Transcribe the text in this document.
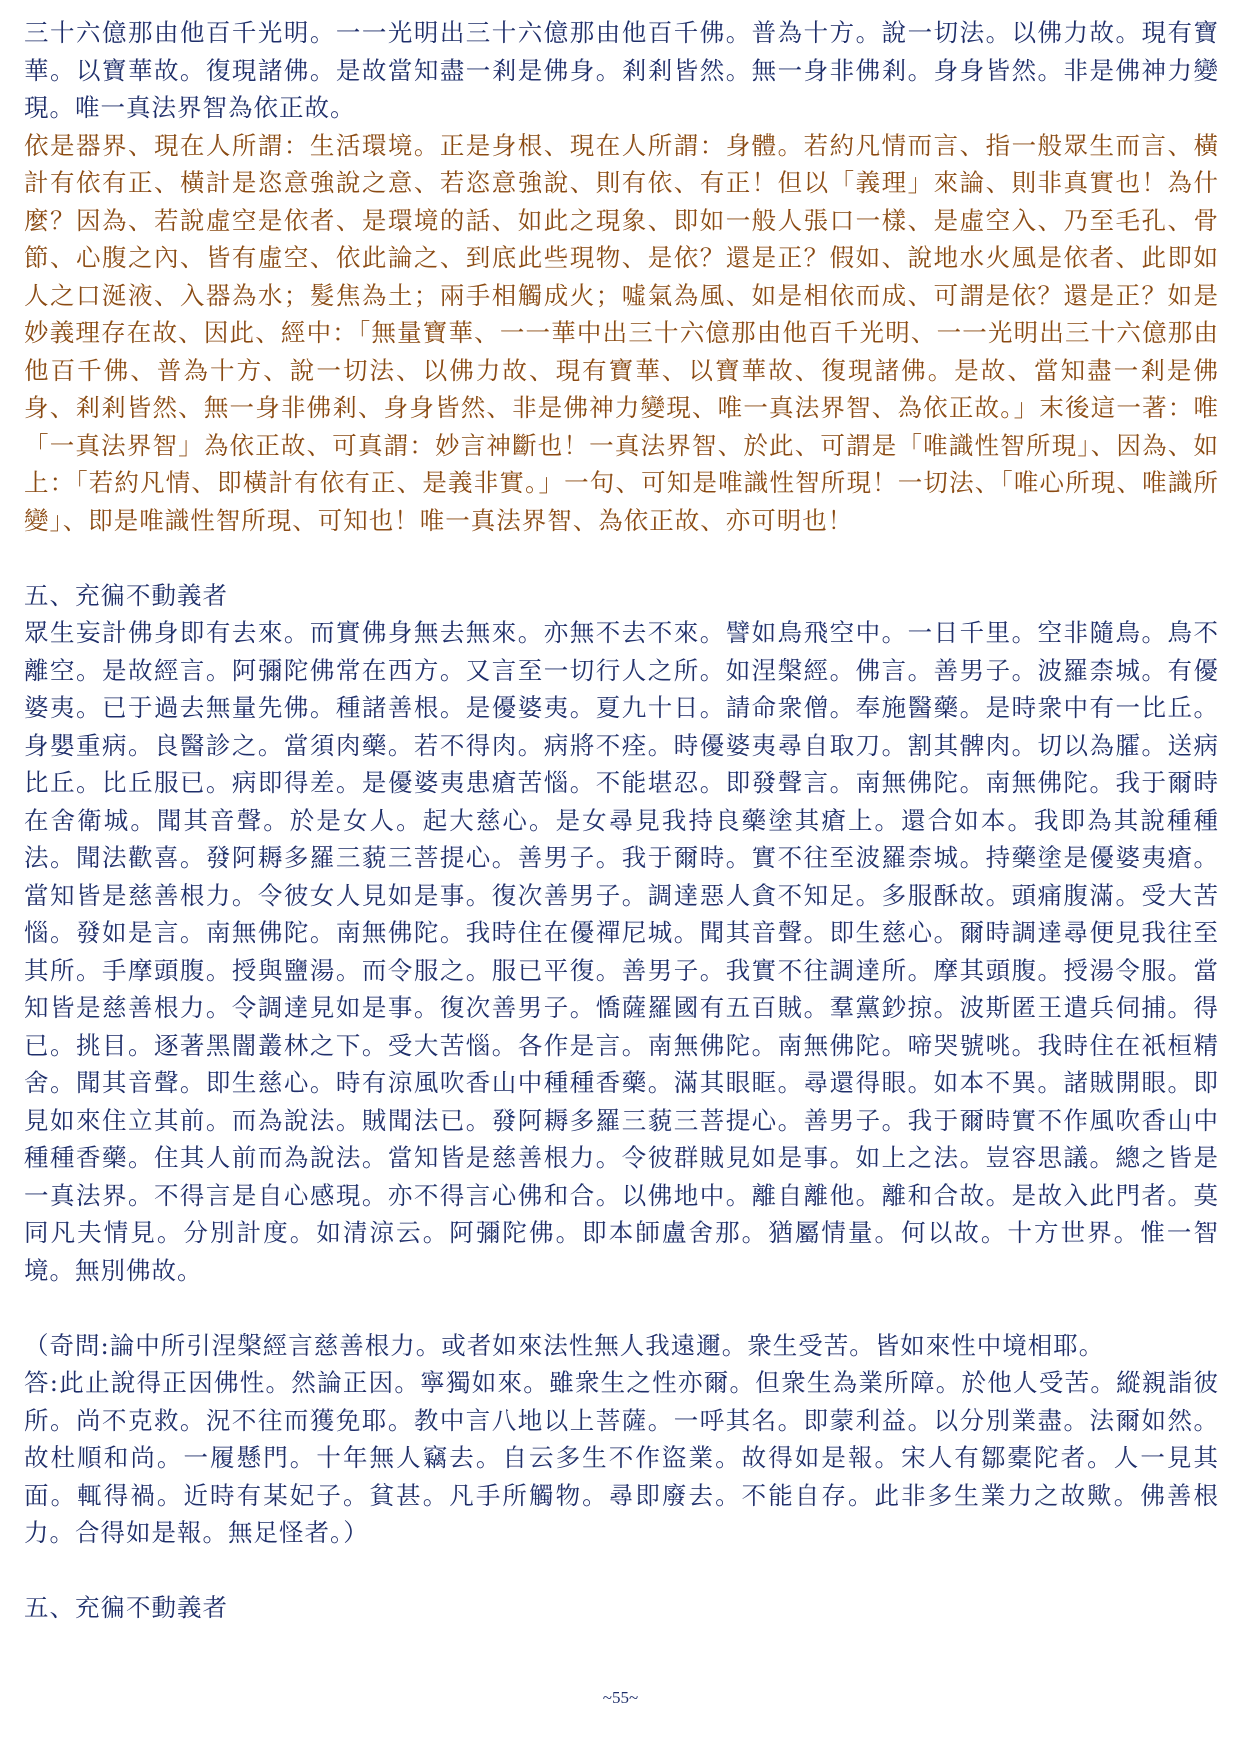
三十六億那由他百千光明。一一光明出三十六億那由他百千佛。普為十方。說一切法。以佛力故。現有寶華。以寶華故。復現諸佛。是故當知盡一剎是佛身。剎剎皆然。無一身非佛剎。身身皆然。非是佛神力變現。唯一真法界智為依正故。

依是器界、現在人所謂：生活環境。正是身根、現在人所謂：身體。若約凡情而言、指一般眾生而言、橫計有依有正、橫計是恣意強說之意、若恣意強說、則有依、有正！但以「義理」來論、則非真實也！為什麼？因為、若說虛空是依者、是環境的話、如此之現象、即如一般人張口一樣、是虛空入、乃至毛孔、骨節、心腹之內、皆有虛空、依此論之、到底此些現物、是依？還是正？假如、說地水火風是依者、此即如人之口涎液、入器為水；髮焦為土；兩手相觸成火；噓氣為風、如是相依而成、可謂是依？還是正？如是妙義理存在故、因此、經中：「無量寶華、一一華中出三十六億那由他百千光明、一一光明出三十六億那由他百千佛、普為十方、說一切法、以佛力故、現有寶華、以寶華故、復現諸佛。是故、當知盡一剎是佛身、剎剎皆然、無一身非佛剎、身身皆然、非是佛神力變現、唯一真法界智、為依正故。」末後這一著：唯「一真法界智」為依正故、可真謂：妙言神斷也！一真法界智、於此、可謂是「唯識性智所現」、因為、如上：「若約凡情、即橫計有依有正、是義非實。」一句、可知是唯識性智所現！一切法、「唯心所現、唯識所變」、即是唯識性智所現、可知也！唯一真法界智、為依正故、亦可明也！

五、充徧不動義者

眾生妄計佛身即有去來。而實佛身無去無來。亦無不去不來。譬如鳥飛空中。一日千里。空非隨鳥。鳥不離空。是故經言。阿彌陀佛常在西方。又言至一切行人之所。如涅槃經。佛言。善男子。波羅柰城。有優婆夷。已于過去無量先佛。種諸善根。是優婆夷。夏九十日。請命衆僧。奉施醫藥。是時衆中有一比丘。身嬰重病。良醫診之。當須肉藥。若不得肉。病將不痊。時優婆夷尋自取刀。割其髀肉。切以為臛。送病比丘。比丘服已。病即得差。是優婆夷患瘡苦惱。不能堪忍。即發聲言。南無佛陀。南無佛陀。我于爾時在舍衛城。聞其音聲。於是女人。起大慈心。是女尋見我持良藥塗其瘡上。還合如本。我即為其說種種法。聞法歡喜。發阿耨多羅三藐三菩提心。善男子。我于爾時。實不往至波羅柰城。持藥塗是優婆夷瘡。當知皆是慈善根力。令彼女人見如是事。復次善男子。調達惡人貪不知足。多服酥故。頭痛腹滿。受大苦惱。發如是言。南無佛陀。南無佛陀。我時住在優禪尼城。聞其音聲。即生慈心。爾時調達尋便見我往至其所。手摩頭腹。授與鹽湯。而令服之。服已平復。善男子。我實不往調達所。摩其頭腹。授湯令服。當知皆是慈善根力。令調達見如是事。復次善男子。憍薩羅國有五百賊。羣黨鈔掠。波斯匿王遣兵伺捕。得已。挑目。逐著黑闇叢林之下。受大苦惱。各作是言。南無佛陀。南無佛陀。啼哭號咷。我時住在祇桓精舍。聞其音聲。即生慈心。時有涼風吹香山中種種香藥。滿其眼眶。尋還得眼。如本不異。諸賊開眼。即見如來住立其前。而為說法。賊聞法已。發阿耨多羅三藐三菩提心。善男子。我于爾時實不作風吹香山中種種香藥。住其人前而為說法。當知皆是慈善根力。令彼群賊見如是事。如上之法。豈容思議。總之皆是一真法界。不得言是自心感現。亦不得言心佛和合。以佛地中。離自離他。離和合故。是故入此門者。莫同凡夫情見。分別計度。如清涼云。阿彌陀佛。即本師盧舍那。猶屬情量。何以故。十方世界。惟一智境。無別佛故。

（奇問:論中所引涅槃經言慈善根力。或者如來法性無人我遠邇。衆生受苦。皆如來性中境相耶。

答:此止說得正因佛性。然論正因。寧獨如來。雖衆生之性亦爾。但衆生為業所障。於他人受苦。縱親詣彼所。尚不克救。況不往而獲免耶。教中言八地以上菩薩。一呼其名。即蒙利益。以分別業盡。法爾如然。故杜順和尚。一履懸門。十年無人竊去。自云多生不作盜業。故得如是報。宋人有鄒橐陀者。人一見其面。輒得禍。近時有某妃子。貧甚。凡手所觸物。尋即廢去。不能自存。此非多生業力之故歟。佛善根力。合得如是報。無足怪者。）

五、充徧不動義者

~55~
